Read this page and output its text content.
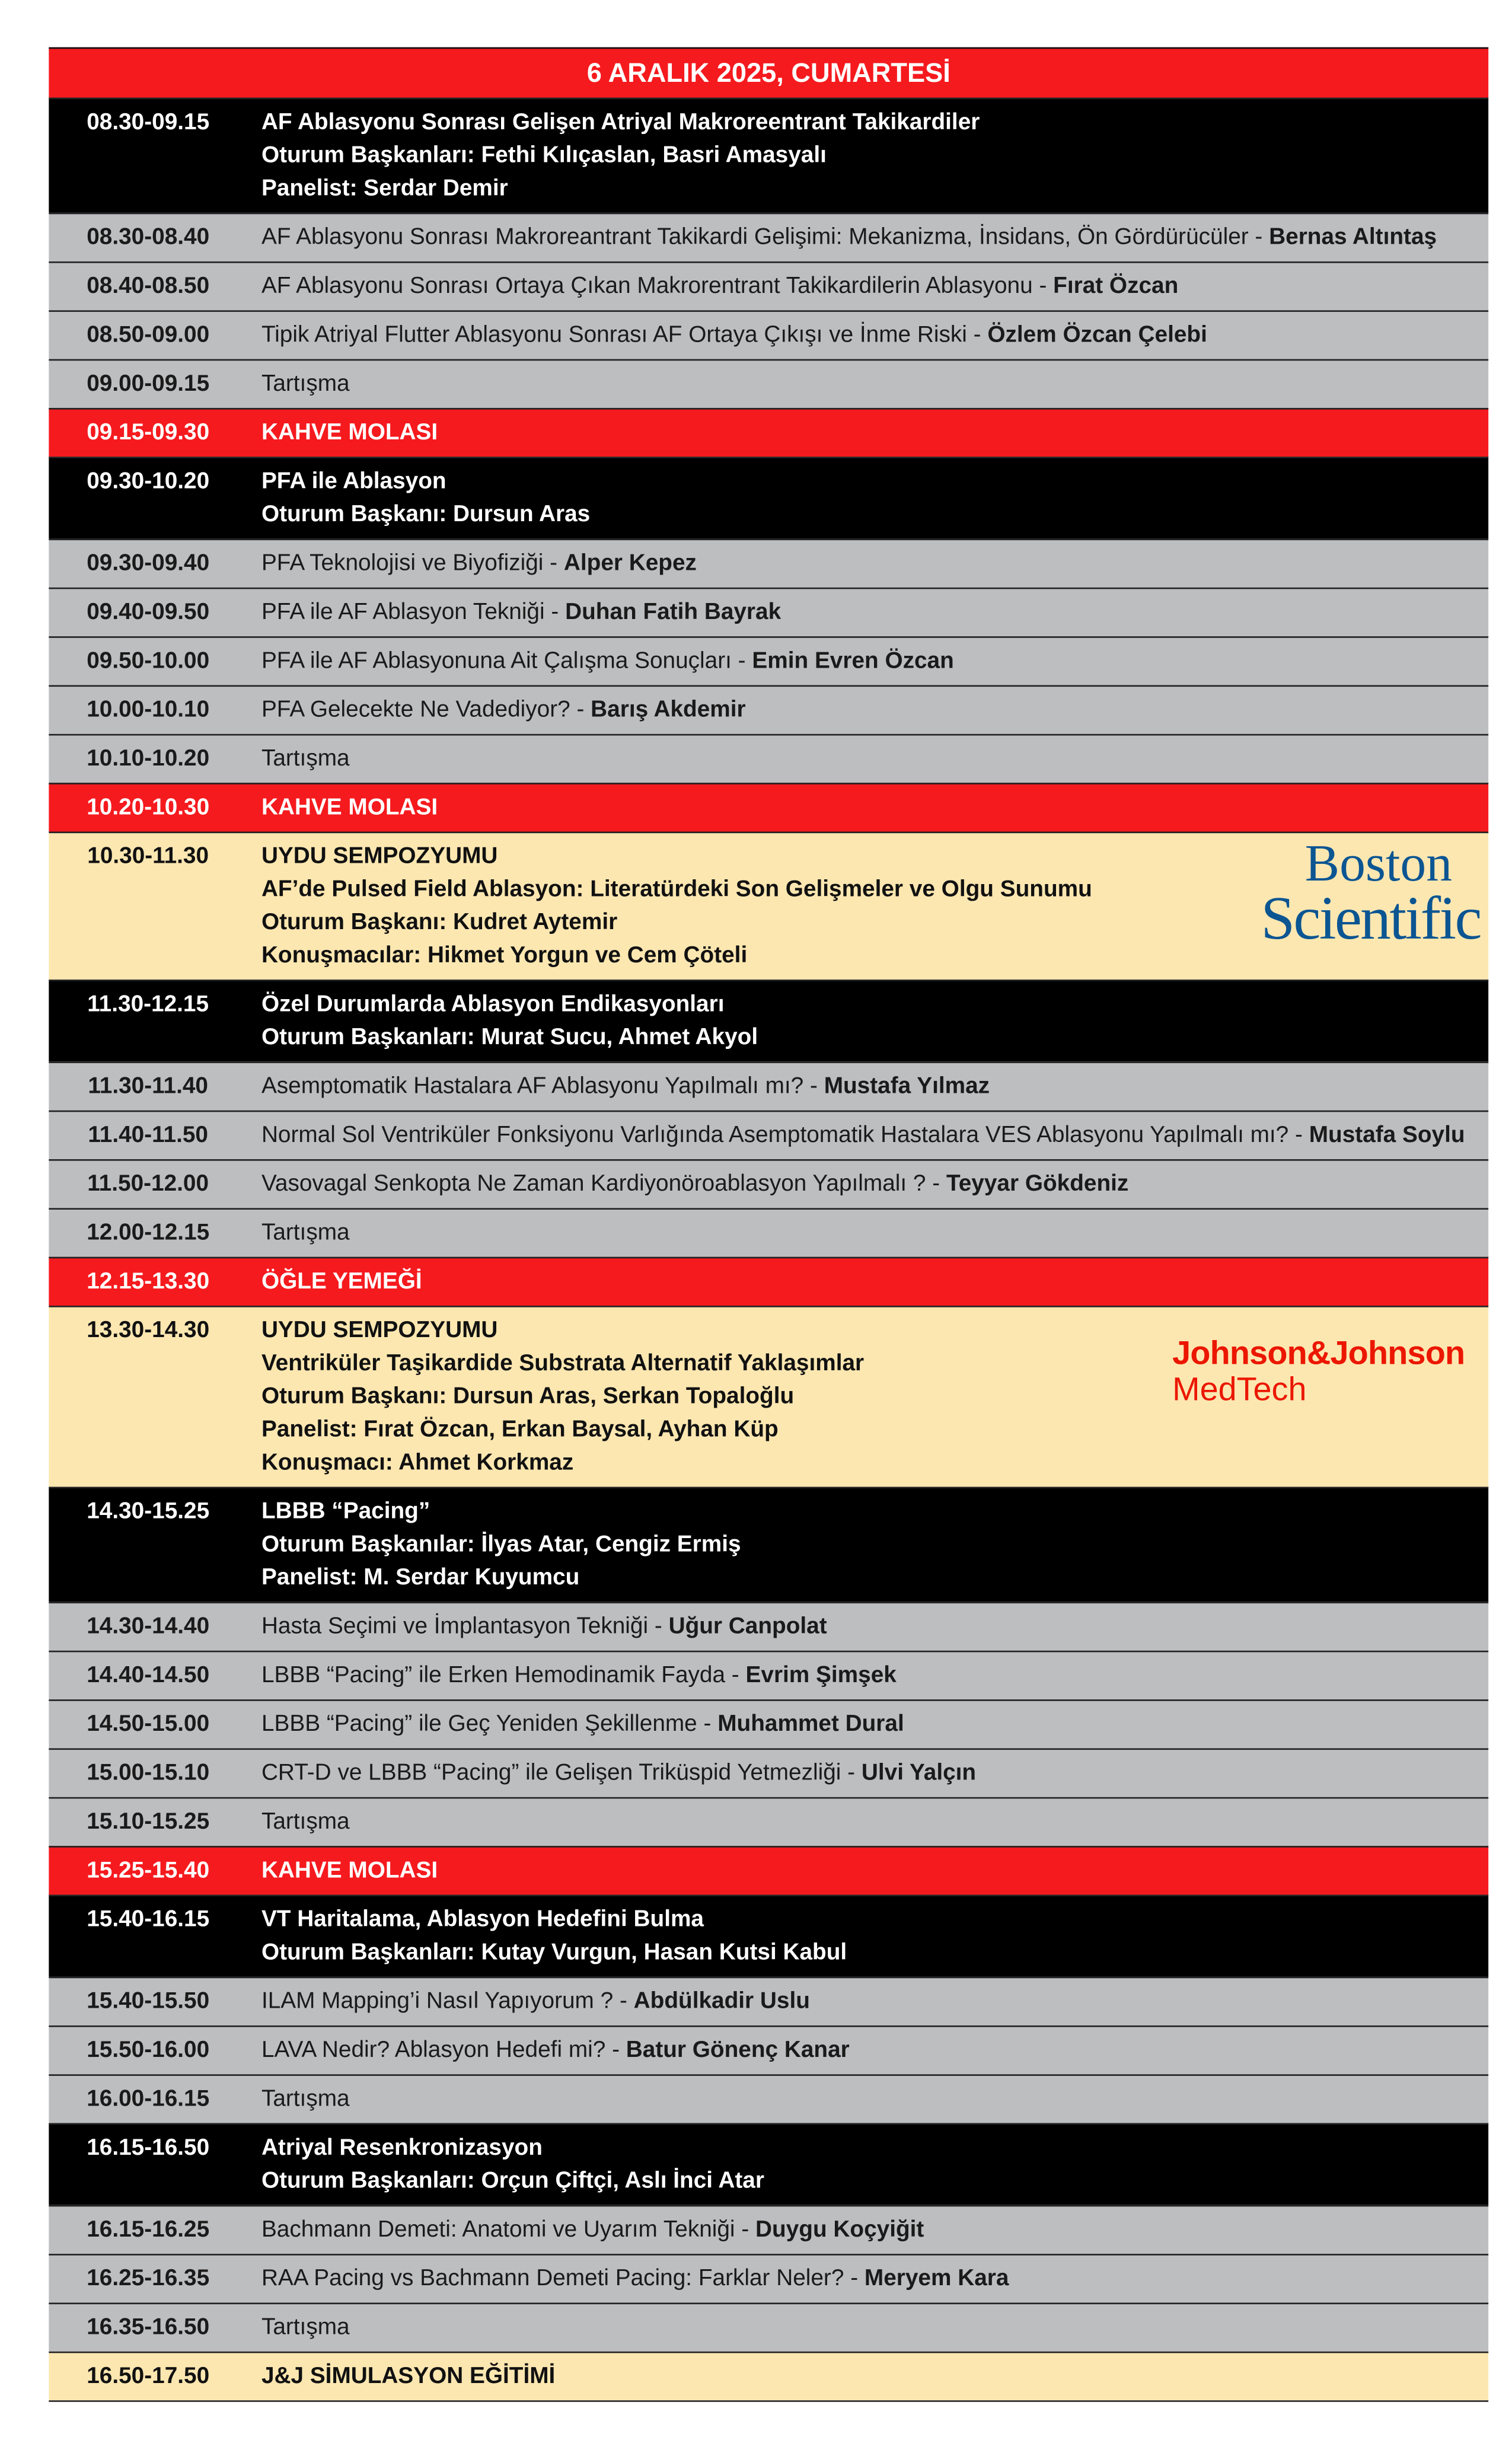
6 ARALIK 2025, CUMARTESİ
08.30-09.15	AF Ablasyonu Sonrası Gelişen Atriyal Makroreentrant Takikardiler
Oturum Başkanları: Fethi Kılıçaslan, Basri Amasyalı
Panelist: Serdar Demir
08.30-08.40	AF Ablasyonu Sonrası Makroreantrant Takikardi Gelişimi: Mekanizma, İnsidans, Ön Gördürücüler - Bernas Altıntaş
08.40-08.50	AF Ablasyonu Sonrası Ortaya Çıkan Makrorentrant Takikardilerin Ablasyonu - Fırat Özcan
08.50-09.00	Tipik Atriyal Flutter Ablasyonu Sonrası AF Ortaya Çıkışı ve İnme Riski - Özlem Özcan Çelebi
09.00-09.15	Tartışma
09.15-09.30	KAHVE MOLASI
09.30-10.20	PFA ile Ablasyon
Oturum Başkanı: Dursun Aras
09.30-09.40	PFA Teknolojisi ve Biyofiziği - Alper Kepez
09.40-09.50	PFA ile AF Ablasyon Tekniği - Duhan Fatih Bayrak
09.50-10.00	PFA ile AF Ablasyonuna Ait Çalışma Sonuçları - Emin Evren Özcan
10.00-10.10	PFA Gelecekte Ne Vadediyor? - Barış Akdemir
10.10-10.20	Tartışma
10.20-10.30	KAHVE MOLASI
10.30-11.30	UYDU SEMPOZYUMU
AF’de Pulsed Field Ablasyon: Literatürdeki Son Gelişmeler ve Olgu Sunumu
Oturum Başkanı: Kudret Aytemir
Konuşmacılar: Hikmet Yorgun ve Cem Çöteli
Boston
Scientific
11.30-12.15	Özel Durumlarda Ablasyon Endikasyonları
Oturum Başkanları: Murat Sucu, Ahmet Akyol
11.30-11.40	Asemptomatik Hastalara AF Ablasyonu Yapılmalı mı? - Mustafa Yılmaz
11.40-11.50	Normal Sol Ventriküler Fonksiyonu Varlığında Asemptomatik Hastalara VES Ablasyonu Yapılmalı mı? - Mustafa Soylu
11.50-12.00	Vasovagal Senkopta Ne Zaman Kardiyonöroablasyon Yapılmalı ? - Teyyar Gökdeniz
12.00-12.15	Tartışma
12.15-13.30	ÖĞLE YEMEĞİ
13.30-14.30	UYDU SEMPOZYUMU
Ventriküler Taşikardide Substrata Alternatif Yaklaşımlar
Oturum Başkanı: Dursun Aras, Serkan Topaloğlu
Panelist: Fırat Özcan, Erkan Baysal, Ayhan Küp
Konuşmacı: Ahmet Korkmaz
Johnson&Johnson
MedTech
14.30-15.25	LBBB “Pacing”
Oturum Başkanılar: İlyas Atar, Cengiz Ermiş
Panelist: M. Serdar Kuyumcu
14.30-14.40	Hasta Seçimi ve İmplantasyon Tekniği - Uğur Canpolat
14.40-14.50	LBBB “Pacing” ile Erken Hemodinamik Fayda - Evrim Şimşek
14.50-15.00	LBBB “Pacing” ile Geç Yeniden Şekillenme - Muhammet Dural
15.00-15.10	CRT-D ve LBBB “Pacing” ile Gelişen Triküspid Yetmezliği - Ulvi Yalçın
15.10-15.25	Tartışma
15.25-15.40	KAHVE MOLASI
15.40-16.15	VT Haritalama, Ablasyon Hedefini Bulma
Oturum Başkanları: Kutay Vurgun, Hasan Kutsi Kabul
15.40-15.50	ILAM Mapping’i Nasıl Yapıyorum ? - Abdülkadir Uslu
15.50-16.00	LAVA Nedir? Ablasyon Hedefi mi? - Batur Gönenç Kanar
16.00-16.15	Tartışma
16.15-16.50	Atriyal Resenkronizasyon
Oturum Başkanları: Orçun Çiftçi, Aslı İnci Atar
16.15-16.25	Bachmann Demeti: Anatomi ve Uyarım Tekniği - Duygu Koçyiğit
16.25-16.35	RAA Pacing vs Bachmann Demeti Pacing: Farklar Neler? - Meryem Kara
16.35-16.50	Tartışma
16.50-17.50	J&J SİMULASYON EĞİTİMİ
